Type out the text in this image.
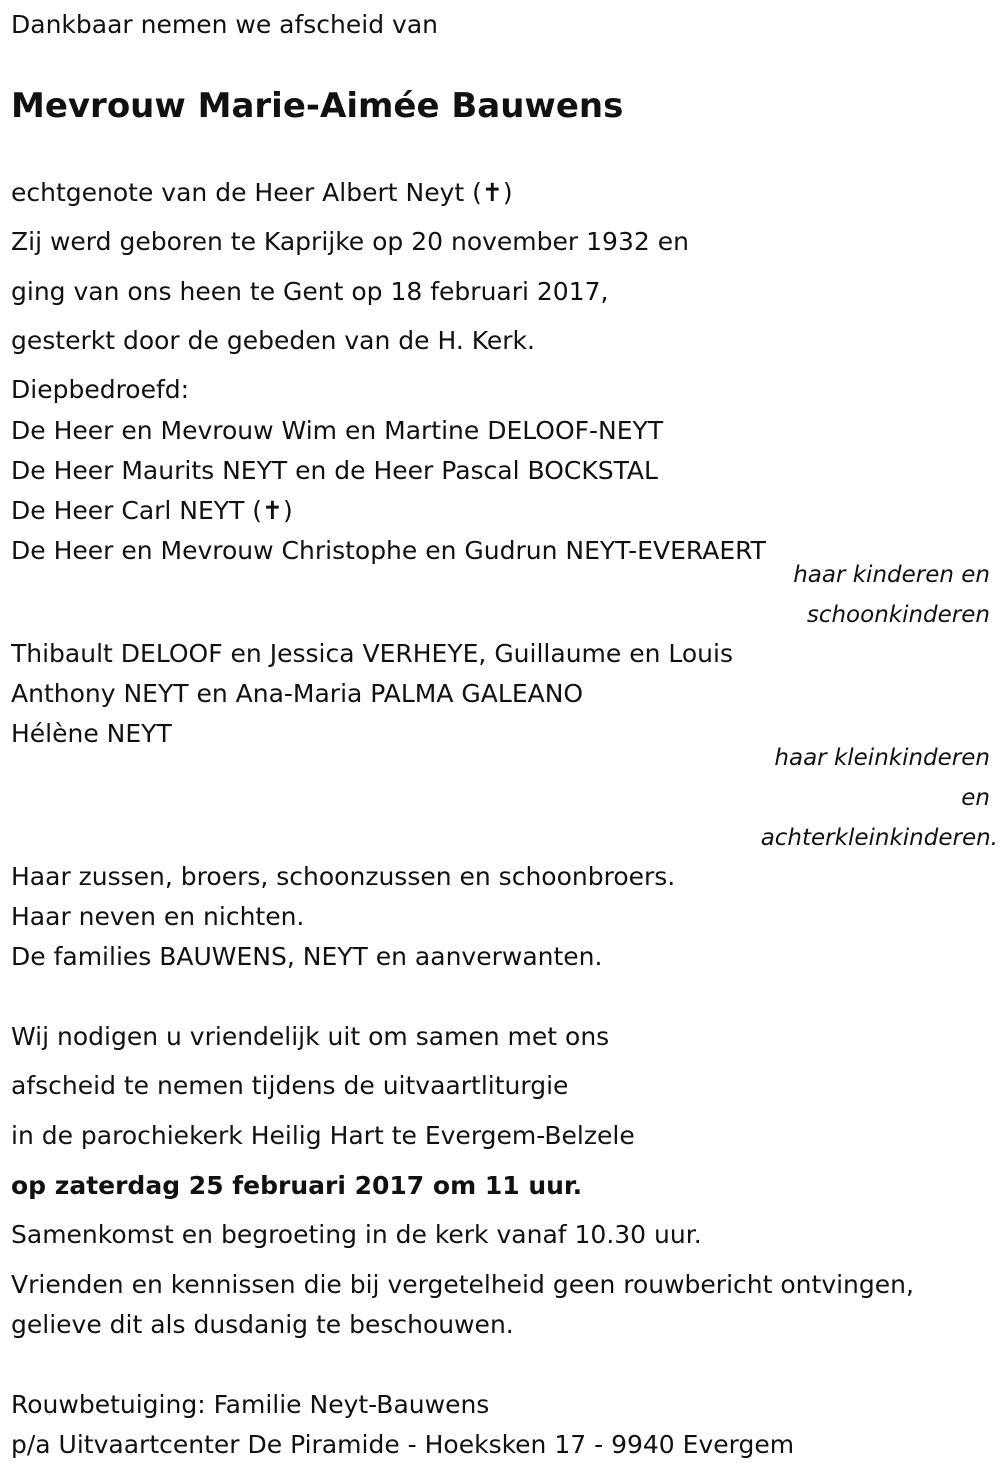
Dankbaar nemen we afscheid van
Mevrouw Marie-Aimée Bauwens
echtgenote van de Heer Albert Neyt (✝)
Zij werd geboren te Kaprijke op 20 november 1932 en
ging van ons heen te Gent op 18 februari 2017,
gesterkt door de gebeden van de H. Kerk.
Diepbedroefd:
De Heer en Mevrouw Wim en Martine DELOOF-NEYT
De Heer Maurits NEYT en de Heer Pascal BOCKSTAL
De Heer Carl NEYT (✝)
De Heer en Mevrouw Christophe en Gudrun NEYT-EVERAERT
haar kinderen en
schoonkinderen
Thibault DELOOF en Jessica VERHEYE, Guillaume en Louis
Anthony NEYT en Ana-Maria PALMA GALEANO
Hélène NEYT
haar kleinkinderen
en
achterkleinkinderen.
Haar zussen, broers, schoonzussen en schoonbroers.
Haar neven en nichten.
De families BAUWENS, NEYT en aanverwanten.
Wij nodigen u vriendelijk uit om samen met ons
afscheid te nemen tijdens de uitvaartliturgie
in de parochiekerk Heilig Hart te Evergem-Belzele
op zaterdag 25 februari 2017 om 11 uur.
Samenkomst en begroeting in de kerk vanaf 10.30 uur.
Vrienden en kennissen die bij vergetelheid geen rouwbericht ontvingen,
gelieve dit als dusdanig te beschouwen.
Rouwbetuiging: Familie Neyt-Bauwens
p/a Uitvaartcenter De Piramide - Hoeksken 17 - 9940 Evergem
